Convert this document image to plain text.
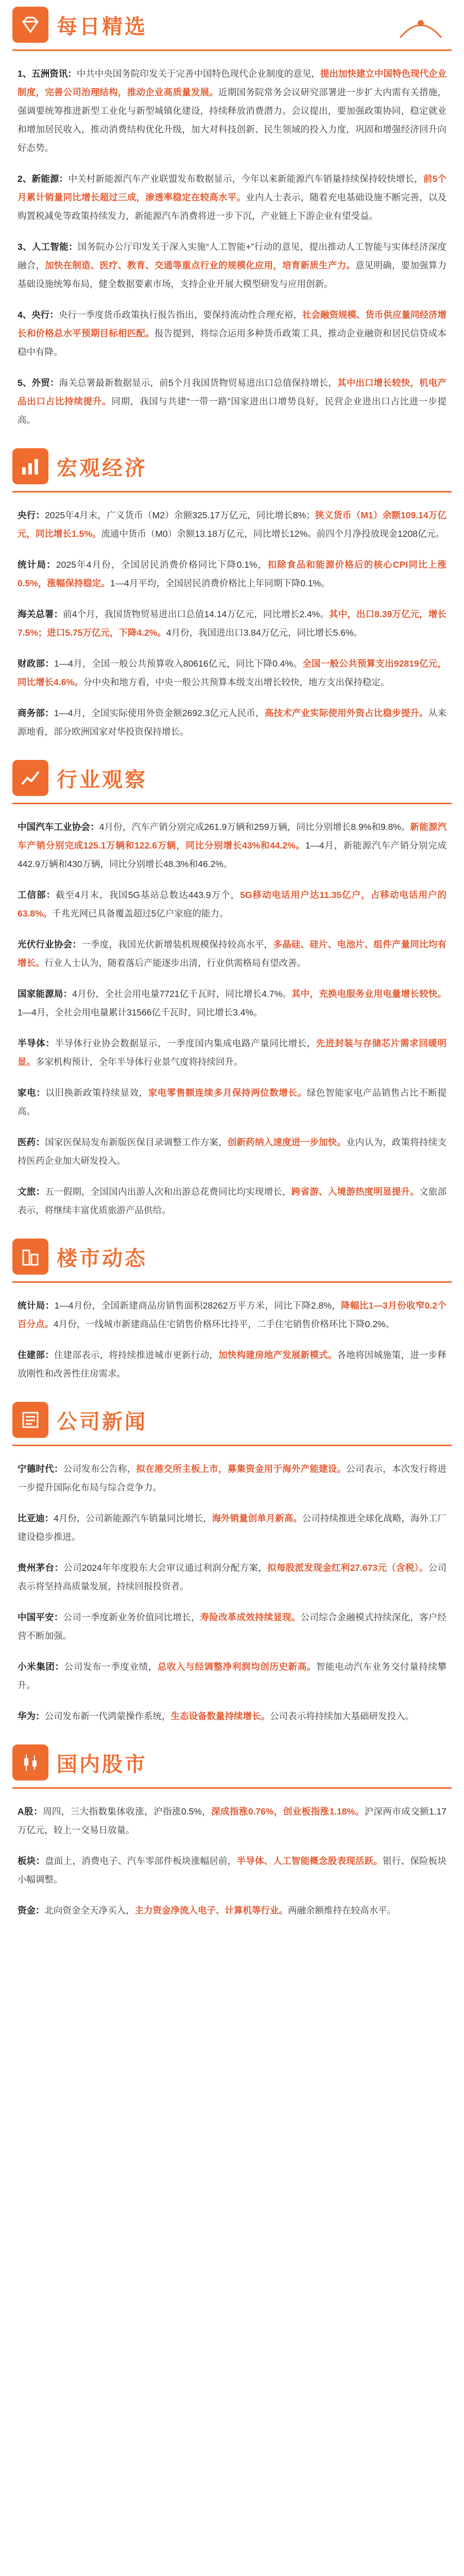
每日精选

1、五洲资讯：中共中央国务院印发关于完善中国特色现代企业制度的意见，提出加快建立中国特色现代企业制度，完善公司治理结构，推动企业高质量发展。近期国务院常务会议研究部署进一步扩大内需有关措施，强调要统筹推进新型工业化与新型城镇化建设，持续释放消费潜力。会议提出，要加强政策协同，稳定就业和增加居民收入，推动消费结构优化升级，加大对科技创新、民生领域的投入力度，巩固和增强经济回升向好态势。

2、新能源：中关村新能源汽车产业联盟发布数据显示，今年以来新能源汽车销量持续保持较快增长，前5个月累计销量同比增长超过三成，渗透率稳定在较高水平。业内人士表示，随着充电基础设施不断完善，以及购置税减免等政策持续发力，新能源汽车消费将进一步下沉，产业链上下游企业有望受益。

3、人工智能：国务院办公厅印发关于深入实施“人工智能+”行动的意见，提出推动人工智能与实体经济深度融合，加快在制造、医疗、教育、交通等重点行业的规模化应用，培育新质生产力。意见明确，要加强算力基础设施统筹布局，健全数据要素市场，支持企业开展大模型研发与应用创新。

4、央行：央行一季度货币政策执行报告指出，要保持流动性合理充裕，社会融资规模、货币供应量同经济增长和价格总水平预期目标相匹配。报告提到，将综合运用多种货币政策工具，推动企业融资和居民信贷成本稳中有降。

5、外贸：海关总署最新数据显示，前5个月我国货物贸易进出口总值保持增长，其中出口增长较快，机电产品出口占比持续提升。同期，我国与共建“一带一路”国家进出口增势良好，民营企业进出口占比进一步提高。

宏观经济

央行：2025年4月末，广义货币（M2）余额325.17万亿元，同比增长8%；狭义货币（M1）余额109.14万亿元，同比增长1.5%。流通中货币（M0）余额13.18万亿元，同比增长12%。前四个月净投放现金1208亿元。

统计局：2025年4月份，全国居民消费价格同比下降0.1%，扣除食品和能源价格后的核心CPI同比上涨0.5%，涨幅保持稳定。1—4月平均，全国居民消费价格比上年同期下降0.1%。

海关总署：前4个月，我国货物贸易进出口总值14.14万亿元，同比增长2.4%。其中，出口8.39万亿元，增长7.5%；进口5.75万亿元，下降4.2%。4月份，我国进出口3.84万亿元，同比增长5.6%。

财政部：1—4月，全国一般公共预算收入80616亿元，同比下降0.4%。全国一般公共预算支出92819亿元，同比增长4.6%。分中央和地方看，中央一般公共预算本级支出增长较快，地方支出保持稳定。

商务部：1—4月，全国实际使用外资金额2692.3亿元人民币，高技术产业实际使用外资占比稳步提升。从来源地看，部分欧洲国家对华投资保持增长。

行业观察

中国汽车工业协会：4月份，汽车产销分别完成261.9万辆和259万辆，同比分别增长8.9%和9.8%。新能源汽车产销分别完成125.1万辆和122.6万辆，同比分别增长43%和44.2%。1—4月，新能源汽车产销分别完成442.9万辆和430万辆，同比分别增长48.3%和46.2%。

工信部：截至4月末，我国5G基站总数达443.9万个，5G移动电话用户达11.35亿户，占移动电话用户的63.8%。千兆光网已具备覆盖超过5亿户家庭的能力。

光伏行业协会：一季度，我国光伏新增装机规模保持较高水平，多晶硅、硅片、电池片、组件产量同比均有增长。行业人士认为，随着落后产能逐步出清，行业供需格局有望改善。

国家能源局：4月份，全社会用电量7721亿千瓦时，同比增长4.7%。其中，充换电服务业用电量增长较快。1—4月，全社会用电量累计31566亿千瓦时，同比增长3.4%。

半导体：半导体行业协会数据显示，一季度国内集成电路产量同比增长，先进封装与存储芯片需求回暖明显。多家机构预计，全年半导体行业景气度将持续回升。

家电：以旧换新政策持续显效，家电零售额连续多月保持两位数增长。绿色智能家电产品销售占比不断提高。

医药：国家医保局发布新版医保目录调整工作方案，创新药纳入速度进一步加快。业内认为，政策将持续支持医药企业加大研发投入。

文旅：五一假期，全国国内出游人次和出游总花费同比均实现增长，跨省游、入境游热度明显提升。文旅部表示，将继续丰富优质旅游产品供给。

楼市动态

统计局：1—4月份，全国新建商品房销售面积28262万平方米，同比下降2.8%，降幅比1—3月份收窄0.2个百分点。4月份，一线城市新建商品住宅销售价格环比持平，二手住宅销售价格环比下降0.2%。

住建部：住建部表示，将持续推进城市更新行动，加快构建房地产发展新模式。各地将因城施策，进一步释放刚性和改善性住房需求。

公司新闻

宁德时代：公司发布公告称，拟在港交所主板上市，募集资金用于海外产能建设。公司表示，本次发行将进一步提升国际化布局与综合竞争力。

比亚迪：4月份，公司新能源汽车销量同比增长，海外销量创单月新高。公司持续推进全球化战略，海外工厂建设稳步推进。

贵州茅台：公司2024年年度股东大会审议通过利润分配方案，拟每股派发现金红利27.673元（含税）。公司表示将坚持高质量发展，持续回报投资者。

中国平安：公司一季度新业务价值同比增长，寿险改革成效持续显现。公司综合金融模式持续深化，客户经营不断加强。

小米集团：公司发布一季度业绩，总收入与经调整净利润均创历史新高。智能电动汽车业务交付量持续攀升。

华为：公司发布新一代鸿蒙操作系统，生态设备数量持续增长。公司表示将持续加大基础研发投入。

国内股市

A股：周四，三大指数集体收涨，沪指涨0.5%，深成指涨0.76%，创业板指涨1.18%。沪深两市成交额1.17万亿元，较上一交易日放量。

板块：盘面上，消费电子、汽车零部件板块涨幅居前，半导体、人工智能概念股表现活跃。银行、保险板块小幅调整。

资金：北向资金全天净买入，主力资金净流入电子、计算机等行业。两融余额维持在较高水平。
